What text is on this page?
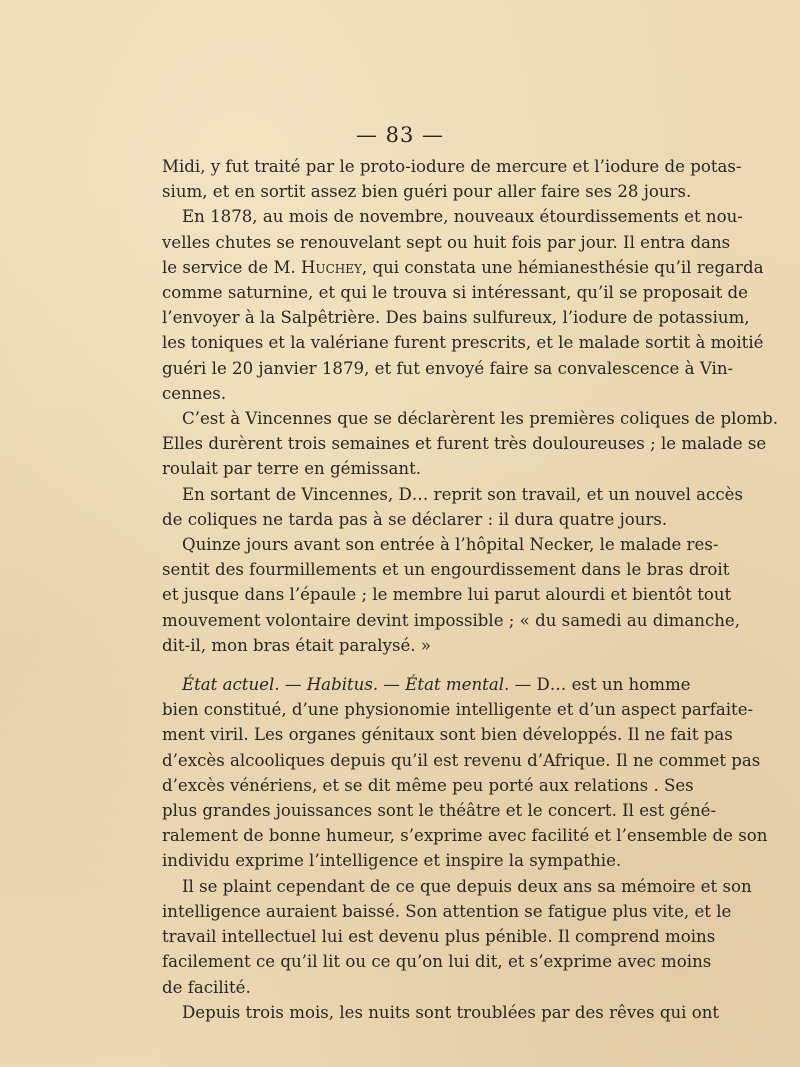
— 83 —
Midi, y fut traité par le proto-iodure de mercure et l’iodure de potas-
sium, et en sortit assez bien guéri pour aller faire ses 28 jours.
En 1878, au mois de novembre, nouveaux étourdissements et nou-
velles chutes se renouvelant sept ou huit fois par jour. Il entra dans
le service de M. Huchey, qui constata une hémianesthésie qu’il regarda
comme saturnine, et qui le trouva si intéressant, qu’il se proposait de
l’envoyer à la Salpêtrière. Des bains sulfureux, l’iodure de potassium,
les toniques et la valériane furent prescrits, et le malade sortit à moitié
guéri le 20 janvier 1879, et fut envoyé faire sa convalescence à Vin-
cennes.
C’est à Vincennes que se déclarèrent les premières coliques de plomb.
Elles durèrent trois semaines et furent très douloureuses ; le malade se
roulait par terre en gémissant.
En sortant de Vincennes, D… reprit son travail, et un nouvel accès
de coliques ne tarda pas à se déclarer : il dura quatre jours.
Quinze jours avant son entrée à l’hôpital Necker, le malade res-
sentit des fourmillements et un engourdissement dans le bras droit
et jusque dans l’épaule ; le membre lui parut alourdi et bientôt tout
mouvement volontaire devint impossible ; « du samedi au dimanche,
dit-il, mon bras était paralysé. »
État actuel. — Habitus. — État mental. — D… est un homme
bien constitué, d’une physionomie intelligente et d’un aspect parfaite-
ment viril. Les organes génitaux sont bien développés. Il ne fait pas
d’excès alcooliques depuis qu’il est revenu d’Afrique. Il ne commet pas
d’excès vénériens, et se dit même peu porté aux relations . Ses
plus grandes jouissances sont le théâtre et le concert. Il est géné-
ralement de bonne humeur, s’exprime avec facilité et l’ensemble de son
individu exprime l’intelligence et inspire la sympathie.
Il se plaint cependant de ce que depuis deux ans sa mémoire et son
intelligence auraient baissé. Son attention se fatigue plus vite, et le
travail intellectuel lui est devenu plus pénible. Il comprend moins
facilement ce qu’il lit ou ce qu’on lui dit, et s’exprime avec moins
de facilité.
Depuis trois mois, les nuits sont troublées par des rêves qui ont
